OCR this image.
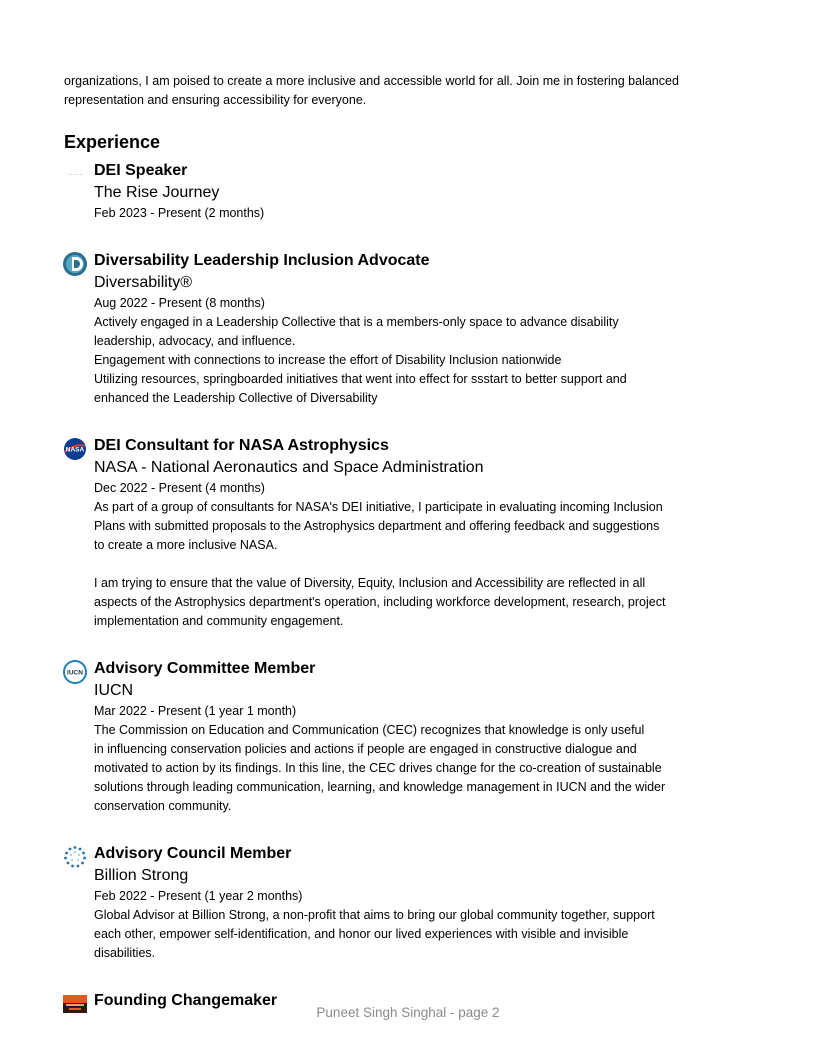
organizations, I am poised to create a more inclusive and accessible world for all. Join me in fostering balanced
representation and ensuring accessibility for everyone.

Experience
⋯ ⋯ ⋯ DEI Speaker

The Rise Journey

Feb 2023 - Present (2 months)

Diversability Leadership Inclusion Advocate

Diversability®

Aug 2022 - Present (8 months)

Actively engaged in a Leadership Collective that is a members-only space to advance disability
leadership, advocacy, and influence.
Engagement with connections to increase the effort of Disability Inclusion nationwide
Utilizing resources, springboarded initiatives that went into effect for ssstart to better support and
enhanced the Leadership Collective of Diversability

NASA DEI Consultant for NASA Astrophysics

NASA - National Aeronautics and Space Administration

Dec 2022 - Present (4 months)

As part of a group of consultants for NASA's DEI initiative, I participate in evaluating incoming Inclusion
Plans with submitted proposals to the Astrophysics department and offering feedback and suggestions
to create a more inclusive NASA.

I am trying to ensure that the value of Diversity, Equity, Inclusion and Accessibility are reflected in all
aspects of the Astrophysics department's operation, including workforce development, research, project
implementation and community engagement.

IUCN Advisory Committee Member

IUCN

Mar 2022 - Present (1 year 1 month)

The Commission on Education and Communication (CEC) recognizes that knowledge is only useful
in influencing conservation policies and actions if people are engaged in constructive dialogue and
motivated to action by its findings. In this line, the CEC drives change for the co-creation of sustainable
solutions through leading communication, learning, and knowledge management in IUCN and the wider
conservation community.

Advisory Council Member

Billion Strong

Feb 2022 - Present (1 year 2 months)

Global Advisor at Billion Strong, a non-profit that aims to bring our global community together, support
each other, empower self-identification, and honor our lived experiences with visible and invisible
disabilities.

Founding Changemaker

Puneet Singh Singhal - page 2
